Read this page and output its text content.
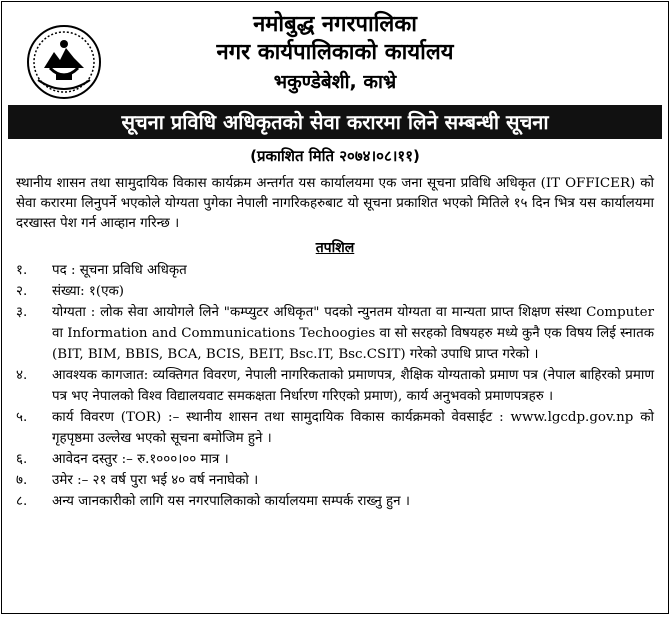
नमोबुद्ध नगरपालिका
नगर कार्यपालिकाको कार्यालय
भकुण्डेबेशी, काभ्रे
सूचना प्रविधि अधिकृतको सेवा करारमा लिने सम्बन्धी सूचना
(प्रकाशित मिति २०७४।०८।११)
स्थानीय शासन तथा सामुदायिक विकास कार्यक्रम अन्तर्गत यस कार्यालयमा एक जना सूचना प्रविधि अधिकृत (IT OFFICER) को सेवा करारमा लिनुपर्ने भएकोले योग्यता पुगेका नेपाली नागरिकहरुबाट यो सूचना प्रकाशित भएको मितिले १५ दिन भित्र यस कार्यालयमा दरखास्त पेश गर्न आव्हान गरिन्छ ।
तपशिल
१.	पद : सूचना प्रविधि अधिकृत
२.	संख्या: १(एक)
३.	योग्यता : लोक सेवा आयोगले लिने "कम्प्युटर अधिकृत" पदको न्युनतम योग्यता वा मान्यता प्राप्त शिक्षण संस्था Computer वा Information and Communications Techoogies वा सो सरहको विषयहरु मध्ये कुनै एक विषय लिई स्नातक (BIT, BIM, BBIS, BCA, BCIS, BEIT, Bsc.IT, Bsc.CSIT) गरेको उपाधि प्राप्त गरेको ।
४.	आवश्यक कागजात: व्यक्तिगत विवरण, नेपाली नागरिकताको प्रमाणपत्र, शैक्षिक योग्यताको प्रमाण पत्र (नेपाल बाहिरको प्रमाण पत्र भए नेपालको विश्व विद्यालयवाट समकक्षता निर्धारण गरिएको प्रमाण), कार्य अनुभवको प्रमाणपत्रहरु ।
५.	कार्य विवरण (TOR) :– स्थानीय शासन तथा सामुदायिक विकास कार्यक्रमको वेवसाईट : www.lgcdp.gov.np को गृहपृष्ठमा उल्लेख भएको सूचना बमोजिम हुने ।
६.	आवेदन दस्तुर :– रु.१०००।०० मात्र ।
७.	उमेर :– २१ वर्ष पुरा भई ४० वर्ष ननाघेको ।
८.	अन्य जानकारीको लागि यस नगरपालिकाको कार्यालयमा सम्पर्क राख्नु हुन ।
